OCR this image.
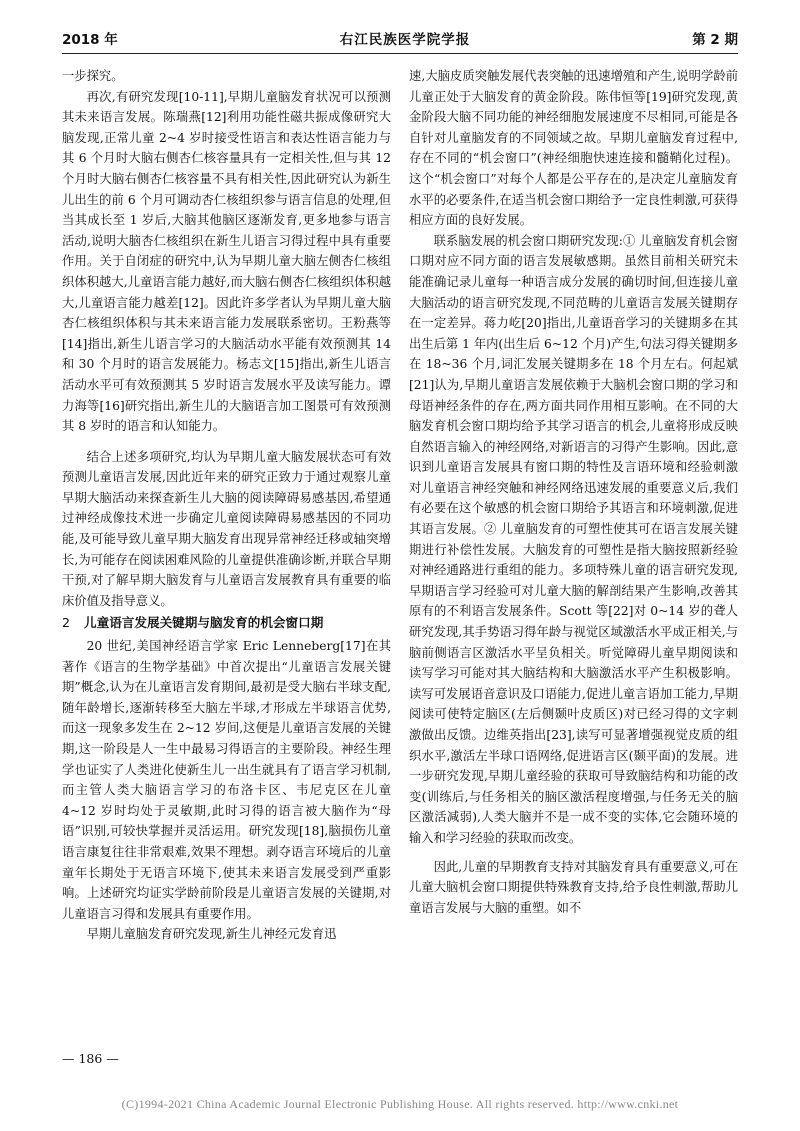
2018 年	右江民族医学院学报	第 2 期

一步探究。

再次,有研究发现[10-11],早期儿童脑发育状况可以预测其未来语言发展。陈瑞燕[12]利用功能性磁共振成像研究大脑发现,正常儿童 2~4 岁时接受性语言和表达性语言能力与其 6 个月时大脑右侧杏仁核容量具有一定相关性,但与其 12 个月时大脑右侧杏仁核容量不具有相关性,因此研究认为新生儿出生的前 6 个月可调动杏仁核组织参与语言信息的处理,但当其成长至 1 岁后,大脑其他脑区逐渐发育,更多地参与语言活动,说明大脑杏仁核组织在新生儿语言习得过程中具有重要作用。关于自闭症的研究中,认为早期儿童大脑左侧杏仁核组织体积越大,儿童语言能力越好,而大脑右侧杏仁核组织体积越大,儿童语言能力越差[12]。因此许多学者认为早期儿童大脑杏仁核组织体积与其未来语言能力发展联系密切。王粉燕等[14]指出,新生儿语言学习的大脑活动水平能有效预测其 14 和 30 个月时的语言发展能力。杨志文[15]指出,新生儿语言活动水平可有效预测其 5 岁时语言发展水平及读写能力。谭力海等[16]研究指出,新生儿的大脑语言加工图景可有效预测其 8 岁时的语言和认知能力。

结合上述多项研究,均认为早期儿童大脑发展状态可有效预测儿童语言发展,因此近年来的研究正致力于通过观察儿童早期大脑活动来探查新生儿大脑的阅读障碍易感基因,希望通过神经成像技术进一步确定儿童阅读障碍易感基因的不同功能,及可能导致儿童早期大脑发育出现异常神经迁移或轴突增长,为可能存在阅读困难风险的儿童提供准确诊断,并联合早期干预,对了解早期大脑发育与儿童语言发展教育具有重要的临床价值及指导意义。

2 儿童语言发展关键期与脑发育的机会窗口期

20 世纪,美国神经语言学家 Eric Lenneberg[17]在其著作《语言的生物学基础》中首次提出“儿童语言发展关键期”概念,认为在儿童语言发育期间,最初是受大脑右半球支配,随年龄增长,逐渐转移至大脑左半球,才形成左半球语言优势,而这一现象多发生在 2~12 岁间,这便是儿童语言发展的关键期,这一阶段是人一生中最易习得语言的主要阶段。神经生理学也证实了人类进化使新生儿一出生就具有了语言学习机制,而主管人类大脑语言学习的布洛卡区、韦尼克区在儿童 4~12 岁时均处于灵敏期,此时习得的语言被大脑作为“母语”识别,可较快掌握并灵活运用。研究发现[18],脑损伤儿童语言康复往往非常艰难,效果不理想。剥夺语言环境后的儿童童年长期处于无语言环境下,使其未来语言发展受到严重影响。上述研究均证实学龄前阶段是儿童语言发展的关键期,对儿童语言习得和发展具有重要作用。

早期儿童脑发育研究发现,新生儿神经元发育迅

速,大脑皮质突触发展代表突触的迅速增殖和产生,说明学龄前儿童正处于大脑发育的黄金阶段。陈伟恒等[19]研究发现,黄金阶段大脑不同功能的神经细胞发展速度不尽相同,可能是各自针对儿童脑发育的不同领域之故。早期儿童脑发育过程中,存在不同的“机会窗口”(神经细胞快速连接和髓鞘化过程)。这个“机会窗口”对每个人都是公平存在的,是决定儿童脑发育水平的必要条件,在适当机会窗口期给予一定良性刺激,可获得相应方面的良好发展。

联系脑发展的机会窗口期研究发现:① 儿童脑发育机会窗口期对应不同方面的语言发展敏感期。虽然目前相关研究未能准确记录儿童每一种语言成分发展的确切时间,但连接儿童大脑活动的语言研究发现,不同范畴的儿童语言发展关键期存在一定差异。蒋力屹[20]指出,儿童语音学习的关键期多在其出生后第 1 年内(出生后 6~12 个月)产生,句法习得关键期多在 18~36 个月,词汇发展关键期多在 18 个月左右。何起斌[21]认为,早期儿童语言发展依赖于大脑机会窗口期的学习和母语神经条件的存在,两方面共同作用相互影响。在不同的大脑发育机会窗口期均给予其学习语言的机会,儿童将形成反映自然语言输入的神经网络,对新语言的习得产生影响。因此,意识到儿童语言发展具有窗口期的特性及言语环境和经验刺激对儿童语言神经突触和神经网络迅速发展的重要意义后,我们有必要在这个敏感的机会窗口期给予其语言和环境刺激,促进其语言发展。② 儿童脑发育的可塑性使其可在语言发展关键期进行补偿性发展。大脑发育的可塑性是指大脑按照新经验对神经通路进行重组的能力。多项特殊儿童的语言研究发现,早期语言学习经验可对儿童大脑的解剖结果产生影响,改善其原有的不利语言发展条件。Scott 等[22]对 0~14 岁的聋人研究发现,其手势语习得年龄与视觉区域激活水平成正相关,与脑前侧语言区激活水平呈负相关。听觉障碍儿童早期阅读和读写学习可能对其大脑结构和大脑激活水平产生积极影响。读写可发展语音意识及口语能力,促进儿童言语加工能力,早期阅读可使特定脑区(左后侧颞叶皮质区)对已经习得的文字刺激做出反馈。边维英指出[23],读写可显著增强视觉皮质的组织水平,激活左半球口语网络,促进语言区(颞平面)的发展。进一步研究发现,早期儿童经验的获取可导致脑结构和功能的改变(训练后,与任务相关的脑区激活程度增强,与任务无关的脑区激活减弱),人类大脑并不是一成不变的实体,它会随环境的输入和学习经验的获取而改变。

因此,儿童的早期教育支持对其脑发育具有重要意义,可在儿童大脑机会窗口期提供特殊教育支持,给予良性刺激,帮助儿童语言发展与大脑的重塑。如不

— 186 —
(C)1994-2021 China Academic Journal Electronic Publishing House. All rights reserved. http://www.cnki.net
